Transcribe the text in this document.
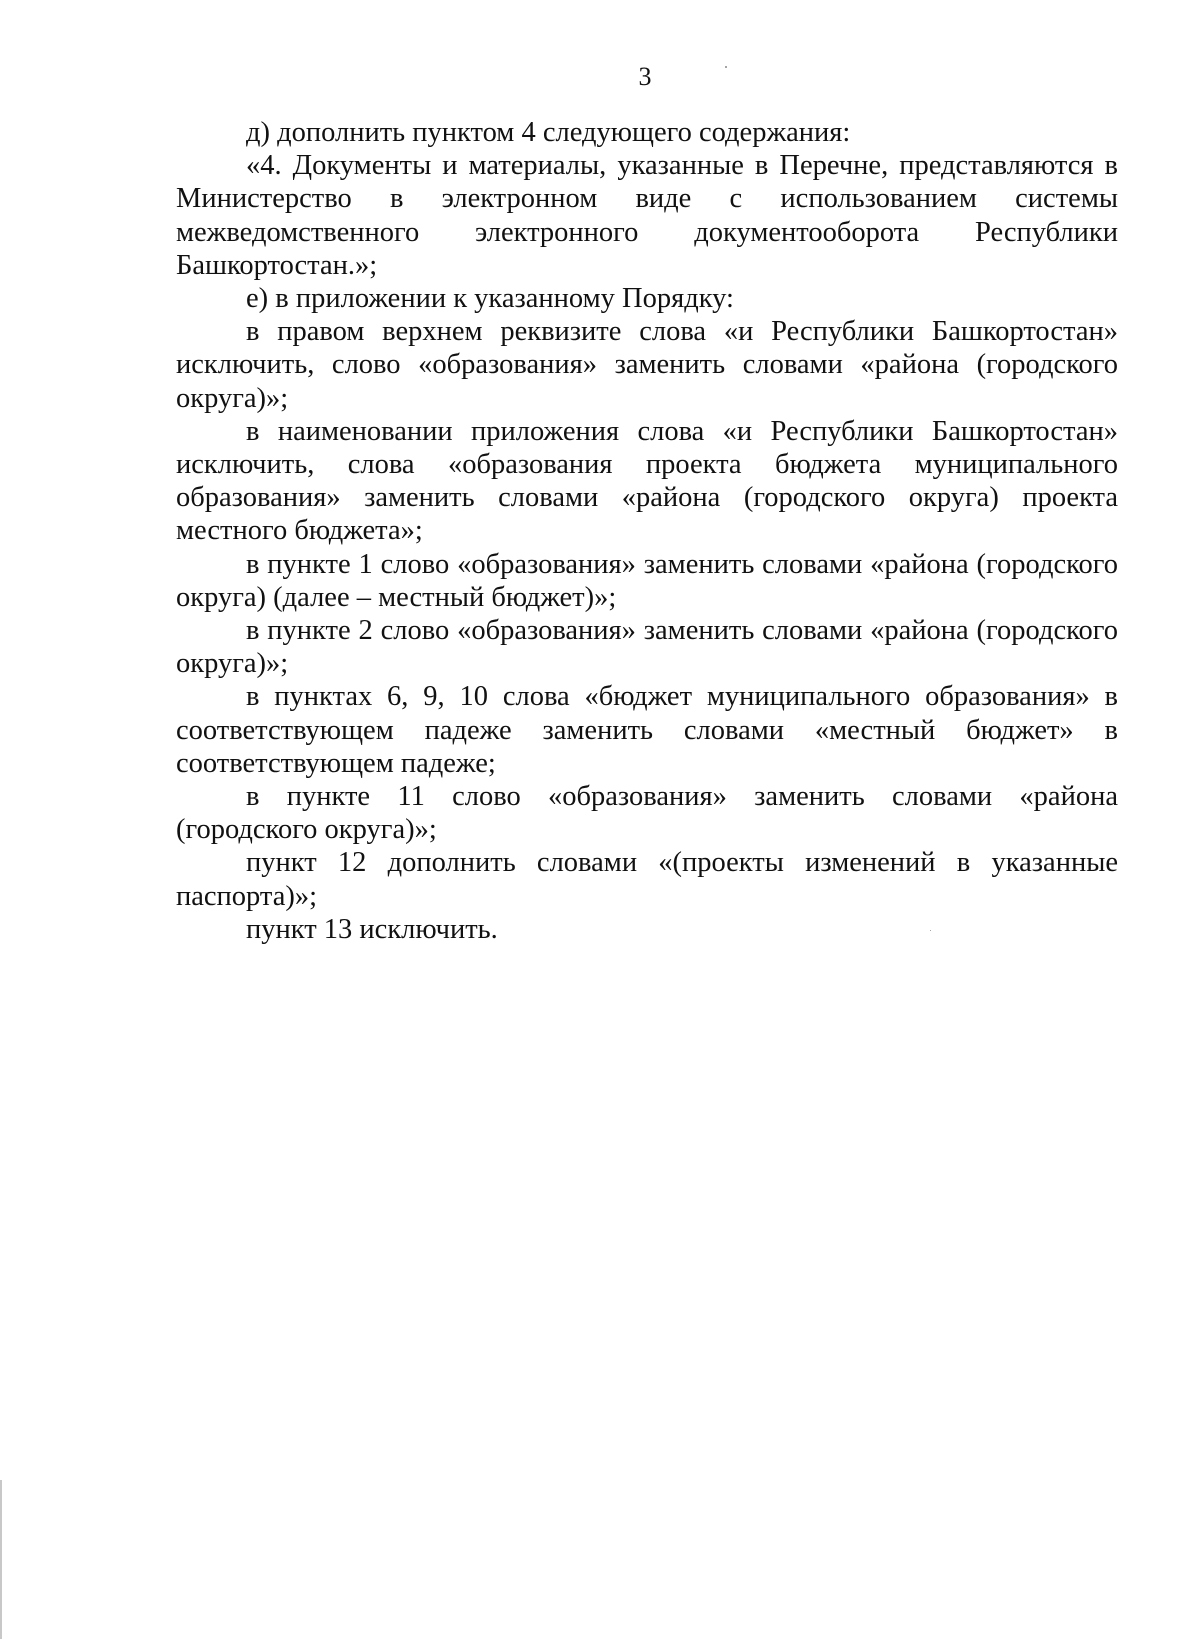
3

д) дополнить пунктом 4 следующего содержания:

«4. Документы и материалы, указанные в Перечне, представляются в Министерство в электронном виде с использованием системы межведомственного электронного документооборота Республики Башкортостан.»;

е) в приложении к указанному Порядку:

в правом верхнем реквизите слова «и Республики Башкортостан» исключить, слово «образования» заменить словами «района (городского округа)»;

в наименовании приложения слова «и Республики Башкортостан» исключить, слова «образования проекта бюджета муниципального образования» заменить словами «района (городского округа) проекта местного бюджета»;

в пункте 1 слово «образования» заменить словами «района (городского округа) (далее – местный бюджет)»;

в пункте 2 слово «образования» заменить словами «района (городского округа)»;

в пунктах 6, 9, 10 слова «бюджет муниципального образования» в соответствующем падеже заменить словами «местный бюджет» в соответствующем падеже;

в пункте 11 слово «образования» заменить словами «района (городского округа)»;

пункт 12 дополнить словами «(проекты изменений в указанные паспорта)»;

пункт 13 исключить.
